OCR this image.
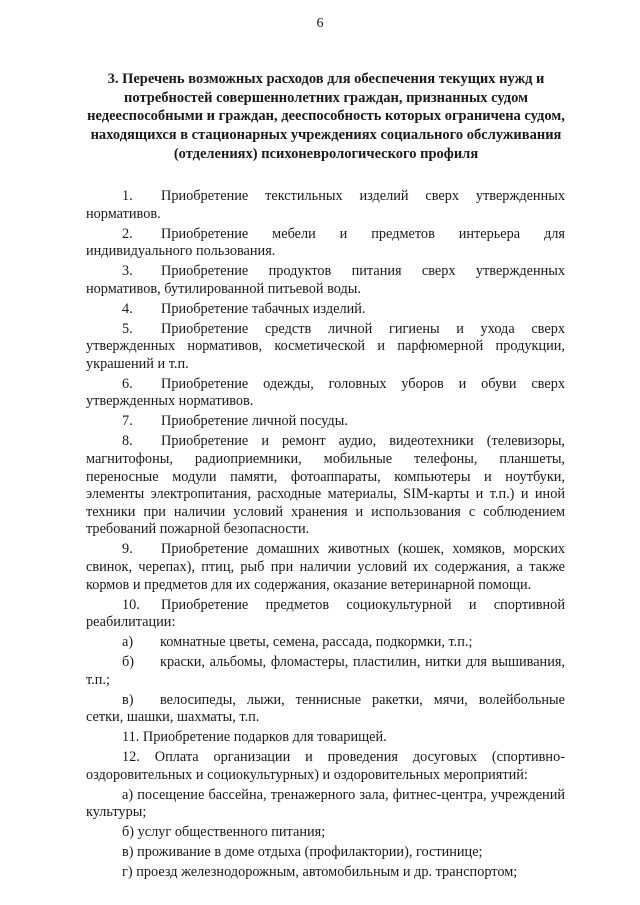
6
3. Перечень возможных расходов для обеспечения текущих нужд и потребностей совершеннолетних граждан, признанных судом недееспособными и граждан, дееспособность которых ограничена судом, находящихся в стационарных учреждениях социального обслуживания (отделениях) психоневрологического профиля

1. Приобретение текстильных изделий сверх утвержденных нормативов.

2. Приобретение мебели и предметов интерьера для индивидуального пользования.

3. Приобретение продуктов питания сверх утвержденных нормативов, бутилированной питьевой воды.

4. Приобретение табачных изделий.

5. Приобретение средств личной гигиены и ухода сверх утвержденных нормативов, косметической и парфюмерной продукции, украшений и т.п.

6. Приобретение одежды, головных уборов и обуви сверх утвержденных нормативов.

7. Приобретение личной посуды.

8. Приобретение и ремонт аудио, видеотехники (телевизоры, магнитофоны, радиоприемники, мобильные телефоны, планшеты, переносные модули памяти, фотоаппараты, компьютеры и ноутбуки, элементы электропитания, расходные материалы, SIM-карты и т.п.) и иной техники при наличии условий хранения и использования с соблюдением требований пожарной безопасности.

9. Приобретение домашних животных (кошек, хомяков, морских свинок, черепах), птиц, рыб при наличии условий их содержания, а также кормов и предметов для их содержания, оказание ветеринарной помощи.

10. Приобретение предметов социокультурной и спортивной реабилитации:

а) комнатные цветы, семена, рассада, подкормки, т.п.;

б) краски, альбомы, фломастеры, пластилин, нитки для вышивания, т.п.;

в) велосипеды, лыжи, теннисные ракетки, мячи, волейбольные сетки, шашки, шахматы, т.п.

11. Приобретение подарков для товарищей.

12. Оплата организации и проведения досуговых (спортивно-оздоровительных и социокультурных) и оздоровительных мероприятий:

а) посещение бассейна, тренажерного зала, фитнес-центра, учреждений культуры;

б) услуг общественного питания;

в) проживание в доме отдыха (профилактории), гостинице;

г) проезд железнодорожным, автомобильным и др. транспортом;
